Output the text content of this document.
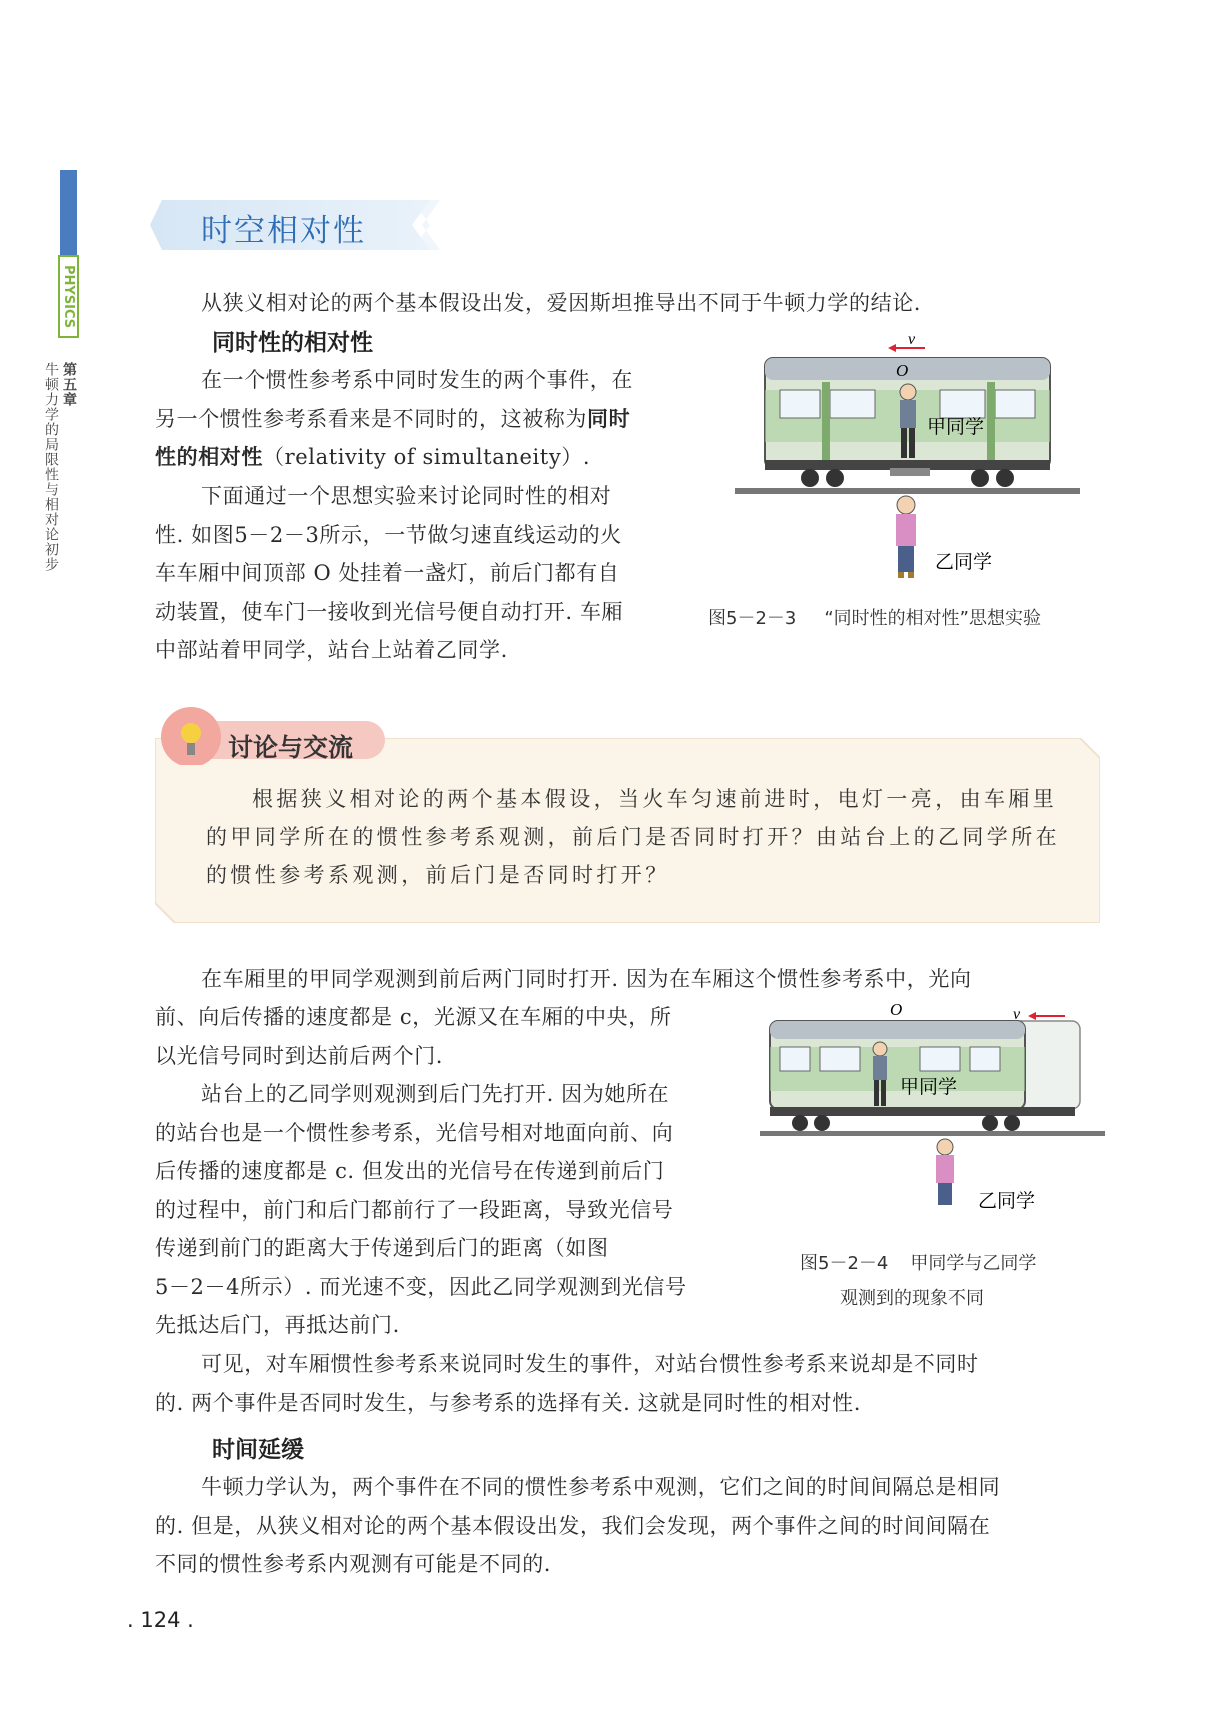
PHYSICS
第五章
牛顿力学的局限性与相对论初步
时空相对性
从狭义相对论的两个基本假设出发，爱因斯坦推导出不同于牛顿力学的结论.
同时性的相对性
在一个惯性参考系中同时发生的两个事件，在
另一个惯性参考系看来是不同时的，这被称为同时
性的相对性（relativity of simultaneity）.
下面通过一个思想实验来讨论同时性的相对
性. 如图5－2－3所示，一节做匀速直线运动的火
车车厢中间顶部 O 处挂着一盏灯，前后门都有自
动装置，使车门一接收到光信号便自动打开. 车厢
中部站着甲同学，站台上站着乙同学.
v
O
甲同学
乙同学
图5－2－3 “同时性的相对性”思想实验
讨论与交流
根据狭义相对论的两个基本假设，当火车匀速前进时，电灯一亮，由车厢里
的甲同学所在的惯性参考系观测，前后门是否同时打开？由站台上的乙同学所在
的惯性参考系观测，前后门是否同时打开？
在车厢里的甲同学观测到前后两门同时打开. 因为在车厢这个惯性参考系中，光向
前、向后传播的速度都是 c，光源又在车厢的中央，所
以光信号同时到达前后两个门.
站台上的乙同学则观测到后门先打开. 因为她所在
的站台也是一个惯性参考系，光信号相对地面向前、向
后传播的速度都是 c. 但发出的光信号在传递到前后门
的过程中，前门和后门都前行了一段距离，导致光信号
传递到前门的距离大于传递到后门的距离（如图
5－2－4所示）. 而光速不变，因此乙同学观测到光信号
先抵达后门，再抵达前门.
O	v
甲同学
乙同学
图5－2－4 甲同学与乙同学
观测到的现象不同
可见，对车厢惯性参考系来说同时发生的事件，对站台惯性参考系来说却是不同时
的. 两个事件是否同时发生，与参考系的选择有关. 这就是同时性的相对性.
时间延缓
牛顿力学认为，两个事件在不同的惯性参考系中观测，它们之间的时间间隔总是相同
的. 但是，从狭义相对论的两个基本假设出发，我们会发现，两个事件之间的时间间隔在
不同的惯性参考系内观测有可能是不同的.
. 124 .
